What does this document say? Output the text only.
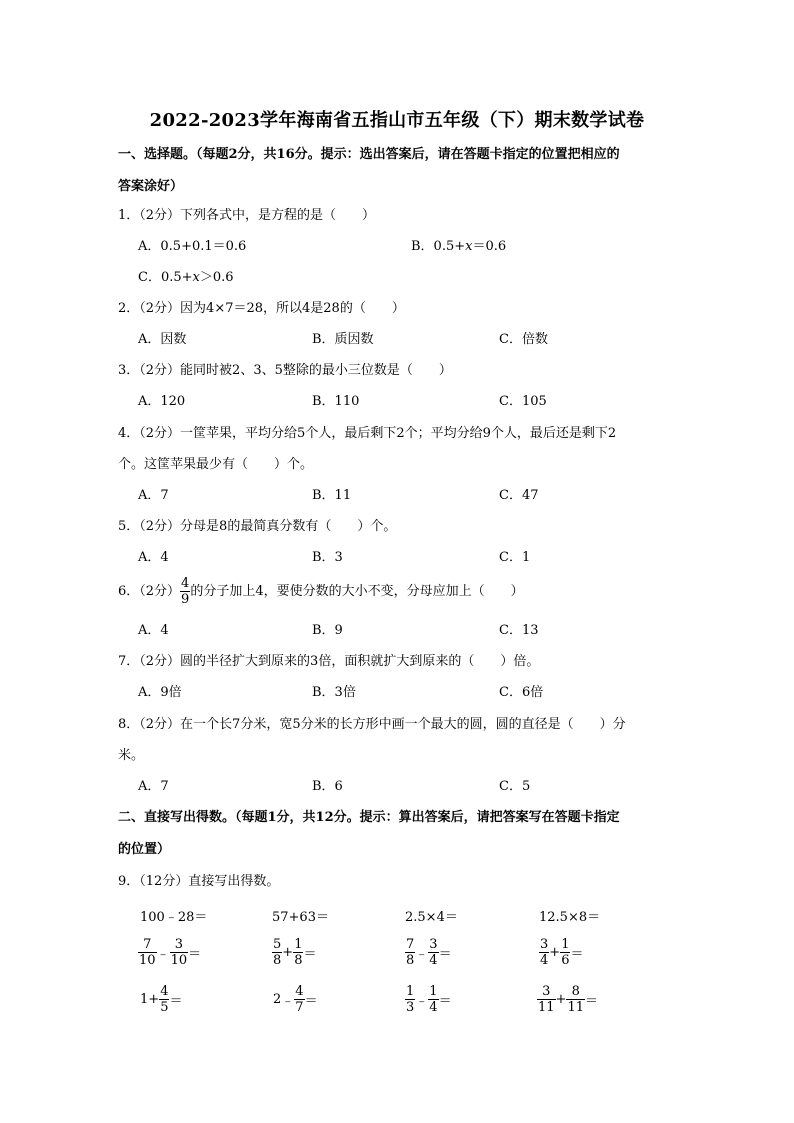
2022-2023学年海南省五指山市五年级（下）期末数学试卷
一、选择题。（每题2分，共16分。提示：选出答案后，请在答题卡指定的位置把相应的
答案涂好）
1．（2分）下列各式中，是方程的是（　　）
A．0.5+0.1＝0.6	B．0.5+x＝0.6
C．0.5+x＞0.6
2．（2分）因为4×7＝28，所以4是28的（　　）
A．因数	B．质因数	C．倍数
3．（2分）能同时被2、3、5整除的最小三位数是（　　）
A．120	B．110	C．105
4．（2分）一筐苹果，平均分给5个人，最后剩下2个；平均分给9个人，最后还是剩下2
个。这筐苹果最少有（　　）个。
A．7	B．11	C．47
5．（2分）分母是8的最简真分数有（　　）个。
A．4	B．3	C．1
6．（2分） $\frac{4}{9}$ 的分子加上4，要使分数的大小不变，分母应加上（　　）
A．4	B．9	C．13
7．（2分）圆的半径扩大到原来的3倍，面积就扩大到原来的（　　）倍。
A．9倍	B．3倍	C．6倍
8．（2分）在一个长7分米，宽5分米的长方形中画一个最大的圆，圆的直径是（　　）分
米。
A．7	B．6	C．5
二、直接写出得数。（每题1分，共12分。提示：算出答案后，请把答案写在答题卡指定
的位置）
9．（12分）直接写出得数。
100﹣28＝	57+63＝	2.5×4＝	12.5×8＝
$\frac{7}{10}$ ﹣ $\frac{3}{10}$ ＝	$\frac{5}{8} + \frac{1}{8}$ ＝	$\frac{7}{8}$ ﹣ $\frac{3}{4}$ ＝	$\frac{3}{4} + \frac{1}{6}$ ＝
$1+ \frac{4}{5}$ ＝	2﹣ $\frac{4}{7}$ ＝	$\frac{1}{3}$ ﹣ $\frac{1}{4}$ ＝	$\frac{3}{11} + \frac{8}{11}$ ＝
